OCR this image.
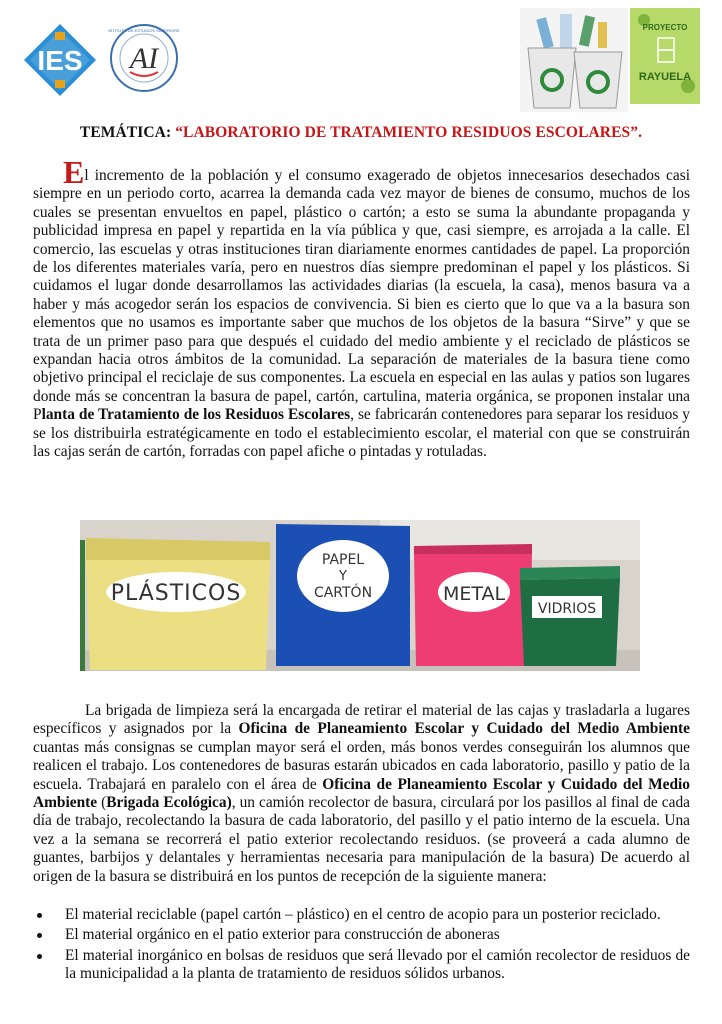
IES AI
INSTITUTO DE ESTUDIOS SUPERIORES	PROYECTO
RAYUELA
TEMÁTICA: “LABORATORIO DE TRATAMIENTO RESIDUOS ESCOLARES”.

El incremento de la población y el consumo exagerado de objetos innecesarios desechados casi siempre en un periodo corto, acarrea la demanda cada vez mayor de bienes de consumo, muchos de los cuales se presentan envueltos en papel, plástico o cartón; a esto se suma la abundante propaganda y publicidad impresa en papel y repartida en la vía pública y que, casi siempre, es arrojada a la calle. El comercio, las escuelas y otras instituciones tiran diariamente enormes cantidades de papel. La proporción de los diferentes materiales varía, pero en nuestros días siempre predominan el papel y los plásticos. Si cuidamos el lugar donde desarrollamos las actividades diarias (la escuela, la casa), menos basura va a haber y más acogedor serán los espacios de convivencia. Si bien es cierto que lo que va a la basura son elementos que no usamos es importante saber que muchos de los objetos de la basura “Sirve” y que se trata de un primer paso para que después el cuidado del medio ambiente y el reciclado de plásticos se expandan hacia otros ámbitos de la comunidad. La separación de materiales de la basura tiene como objetivo principal el reciclaje de sus componentes. La escuela en especial en las aulas y patios son lugares donde más se concentran la basura de papel, cartón, cartulina, materia orgánica, se proponen instalar una Planta de Tratamiento de los Residuos Escolares, se fabricarán contenedores para separar los residuos y se los distribuirla estratégicamente en todo el establecimiento escolar, el material con que se construirán las cajas serán de cartón, forradas con papel afiche o pintadas y rotuladas.

PLÁSTICOS
PAPEL
Y
CARTÓN	METAL
VIDRIOS

La brigada de limpieza será la encargada de retirar el material de las cajas y trasladarla a lugares específicos y asignados por la Oficina de Planeamiento Escolar y Cuidado del Medio Ambiente cuantas más consignas se cumplan mayor será el orden, más bonos verdes conseguirán los alumnos que realicen el trabajo. Los contenedores de basuras estarán ubicados en cada laboratorio, pasillo y patio de la escuela. Trabajará en paralelo con el área de Oficina de Planeamiento Escolar y Cuidado del Medio Ambiente (Brigada Ecológica), un camión recolector de basura, circulará por los pasillos al final de cada día de trabajo, recolectando la basura de cada laboratorio, del pasillo y el patio interno de la escuela. Una vez a la semana se recorrerá el patio exterior recolectando residuos. (se proveerá a cada alumno de guantes, barbijos y delantales y herramientas necesaria para manipulación de la basura) De acuerdo al origen de la basura se distribuirá en los puntos de recepción de la siguiente manera:

El material reciclable (papel cartón – plástico) en el centro de acopio para un posterior reciclado.
El material orgánico en el patio exterior para construcción de aboneras
El material inorgánico en bolsas de residuos que será llevado por el camión recolector de residuos de la municipalidad a la planta de tratamiento de residuos sólidos urbanos.
